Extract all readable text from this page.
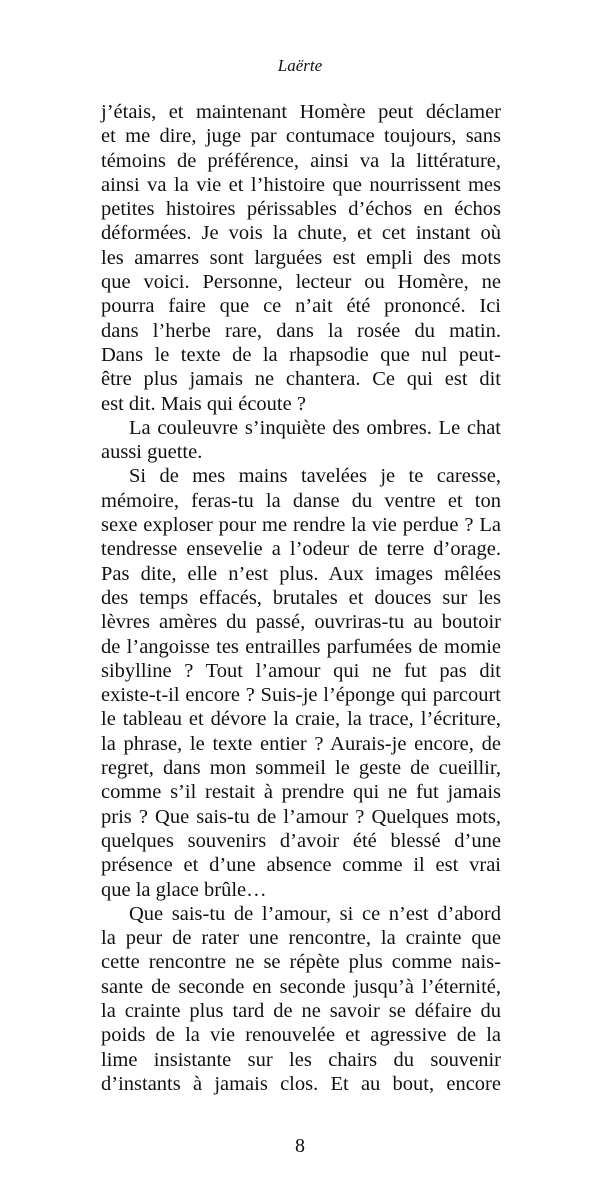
Laërte
j’étais, et maintenant Homère peut déclamer
et me dire, juge par contumace toujours, sans
témoins de préférence, ainsi va la littérature,
ainsi va la vie et l’histoire que nourrissent mes
petites histoires périssables d’échos en échos
déformées. Je vois la chute, et cet instant où
les amarres sont larguées est empli des mots
que voici. Personne, lecteur ou Homère, ne
pourra faire que ce n’ait été prononcé. Ici
dans l’herbe rare, dans la rosée du matin.
Dans le texte de la rhapsodie que nul peut-
être plus jamais ne chantera. Ce qui est dit
est dit. Mais qui écoute ?
La couleuvre s’inquiète des ombres. Le chat
aussi guette.
Si de mes mains tavelées je te caresse,
mémoire, feras-tu la danse du ventre et ton
sexe exploser pour me rendre la vie perdue ? La
tendresse ensevelie a l’odeur de terre d’orage.
Pas dite, elle n’est plus. Aux images mêlées
des temps effacés, brutales et douces sur les
lèvres amères du passé, ouvriras-tu au boutoir
de l’angoisse tes entrailles parfumées de momie
sibylline ? Tout l’amour qui ne fut pas dit
existe-t-il encore ? Suis-je l’éponge qui parcourt
le tableau et dévore la craie, la trace, l’écriture,
la phrase, le texte entier ? Aurais-je encore, de
regret, dans mon sommeil le geste de cueillir,
comme s’il restait à prendre qui ne fut jamais
pris ? Que sais-tu de l’amour ? Quelques mots,
quelques souvenirs d’avoir été blessé d’une
présence et d’une absence comme il est vrai
que la glace brûle…
Que sais-tu de l’amour, si ce n’est d’abord
la peur de rater une rencontre, la crainte que
cette rencontre ne se répète plus comme nais-
sante de seconde en seconde jusqu’à l’éternité,
la crainte plus tard de ne savoir se défaire du
poids de la vie renouvelée et agressive de la
lime insistante sur les chairs du souvenir
d’instants à jamais clos. Et au bout, encore
8
